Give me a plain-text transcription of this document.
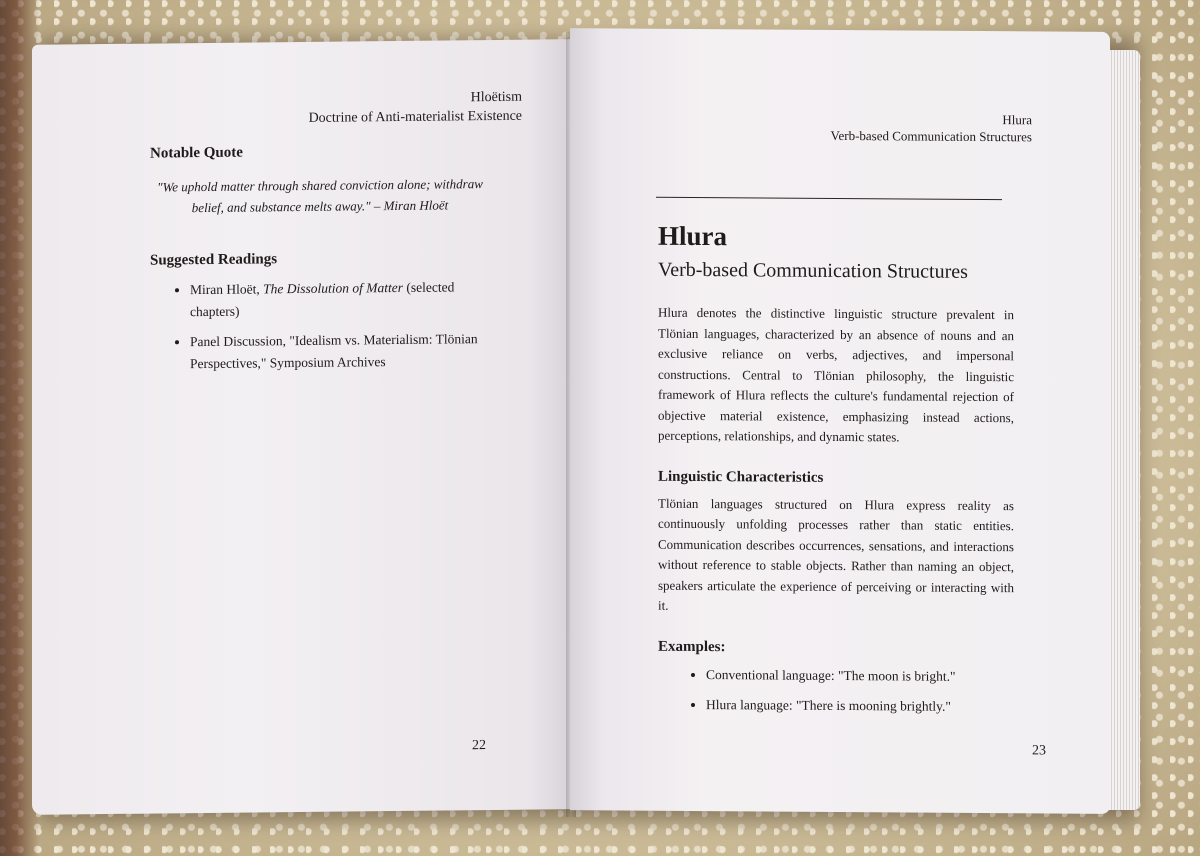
Hloëtism
Doctrine of Anti-materialist Existence
Notable Quote
"We uphold matter through shared conviction alone; withdraw belief, and substance melts away." – Miran Hloët
Suggested Readings
• Miran Hloët, The Dissolution of Matter (selected chapters)
• Panel Discussion, "Idealism vs. Materialism: Tlönian Perspectives," Symposium Archives
22
Hlura
Verb-based Communication Structures
Hlura
Verb-based Communication Structures

Hlura denotes the distinctive linguistic structure prevalent in Tlönian languages, characterized by an absence of nouns and an exclusive reliance on verbs, adjectives, and impersonal constructions. Central to Tlönian philosophy, the linguistic framework of Hlura reflects the culture's fundamental rejection of objective material existence, emphasizing instead actions, perceptions, relationships, and dynamic states.

Linguistic Characteristics

Tlönian languages structured on Hlura express reality as continuously unfolding processes rather than static entities. Communication describes occurrences, sensations, and interactions without reference to stable objects. Rather than naming an object, speakers articulate the experience of perceiving or interacting with it.

Examples:
• Conventional language: "The moon is bright."
• Hlura language: "There is mooning brightly."
23
